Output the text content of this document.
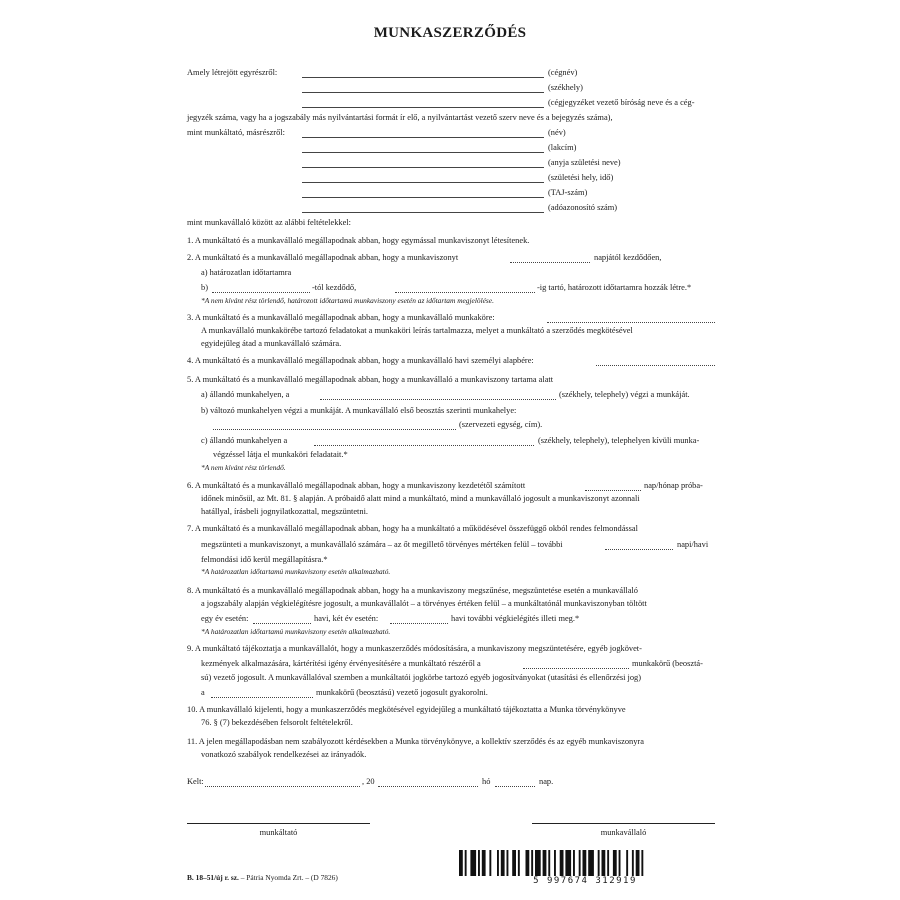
MUNKASZERZŐDÉS
Amely létrejött egyrészről:	(cégnév)
(székhely)
(cégjegyzéket vezető bíróság neve és a cég-
jegyzék száma, vagy ha a jogszabály más nyilvántartási formát ír elő, a nyilvántartást vezető szerv neve és a bejegyzés száma),
mint munkáltató, másrészről:	(név)
(lakcím)
(anyja születési neve)
(születési hely, idő)
(TAJ-szám)
(adóazonosító szám)
mint munkavállaló között az alábbi feltételekkel:
1. A munkáltató és a munkavállaló megállapodnak abban, hogy egymással munkaviszonyt létesítenek.
2. A munkáltató és a munkavállaló megállapodnak abban, hogy a munkaviszonyt	napjától kezdődően,
a) határozatlan időtartamra
b)	-tól kezdődő,	-ig tartó, határozott időtartamra hozzák létre.*
*A nem kívánt rész törlendő, határozott időtartamú munkaviszony esetén az időtartam megjelölése.
3. A munkáltató és a munkavállaló megállapodnak abban, hogy a munkavállaló munkaköre:
A munkavállaló munkakörébe tartozó feladatokat a munkaköri leírás tartalmazza, melyet a munkáltató a szerződés megkötésével
egyidejűleg átad a munkavállaló számára.
4. A munkáltató és a munkavállaló megállapodnak abban, hogy a munkavállaló havi személyi alapbére:
5. A munkáltató és a munkavállaló megállapodnak abban, hogy a munkavállaló a munkaviszony tartama alatt
a) állandó munkahelyen, a	(székhely, telephely) végzi a munkáját.
b) változó munkahelyen végzi a munkáját. A munkavállaló első beosztás szerinti munkahelye:
(szervezeti egység, cím).
c) állandó munkahelyen a	(székhely, telephely), telephelyen kívüli munka-
végzéssel látja el munkaköri feladatait.*
*A nem kívánt rész törlendő.
6. A munkáltató és a munkavállaló megállapodnak abban, hogy a munkaviszony kezdetétől számított	nap/hónap próba-
időnek minősül, az Mt. 81. § alapján. A próbaidő alatt mind a munkáltató, mind a munkavállaló jogosult a munkaviszonyt azonnali
hatállyal, írásbeli jognyilatkozattal, megszüntetni.
7. A munkáltató és a munkavállaló megállapodnak abban, hogy ha a munkáltató a működésével összefüggő okból rendes felmondással
megszünteti a munkaviszonyt, a munkavállaló számára – az őt megillető törvényes mértéken felül – további	napi/havi
felmondási idő kerül megállapításra.*
*A határozatlan időtartamú munkaviszony esetén alkalmazható.
8. A munkáltató és a munkavállaló megállapodnak abban, hogy ha a munkaviszony megszűnése, megszüntetése esetén a munkavállaló
a jogszabály alapján végkielégítésre jogosult, a munkavállalót – a törvényes értéken felül – a munkáltatónál munkaviszonyban töltött
egy év esetén:	havi, két év esetén:	havi további végkielégítés illeti meg.*
*A határozatlan időtartamú munkaviszony esetén alkalmazható.
9. A munkáltató tájékoztatja a munkavállalót, hogy a munkaszerződés módosítására, a munkaviszony megszüntetésére, egyéb jogkövet-
kezmények alkalmazására, kártérítési igény érvényesítésére a munkáltató részéről a	munkakörű (beosztá-
sú) vezető jogosult. A munkavállalóval szemben a munkáltatói jogkörbe tartozó egyéb jogosítványokat (utasítási és ellenőrzési jog)
a	munkakörű (beosztású) vezető jogosult gyakorolni.
10. A munkavállaló kijelenti, hogy a munkaszerződés megkötésével egyidejűleg a munkáltató tájékoztatta a Munka törvénykönyve
76. § (7) bekezdésében felsorolt feltételekről.
11. A jelen megállapodásban nem szabályozott kérdésekben a Munka törvénykönyve, a kollektív szerződés és az egyéb munkaviszonyra
vonatkozó szabályok rendelkezései az irányadók.
Kelt:	, 20	hó	nap.
munkáltató	munkavállaló
B. 18–51/új r. sz. – Pátria Nyomda Zrt. – (D 7826)	5 997674 312919
